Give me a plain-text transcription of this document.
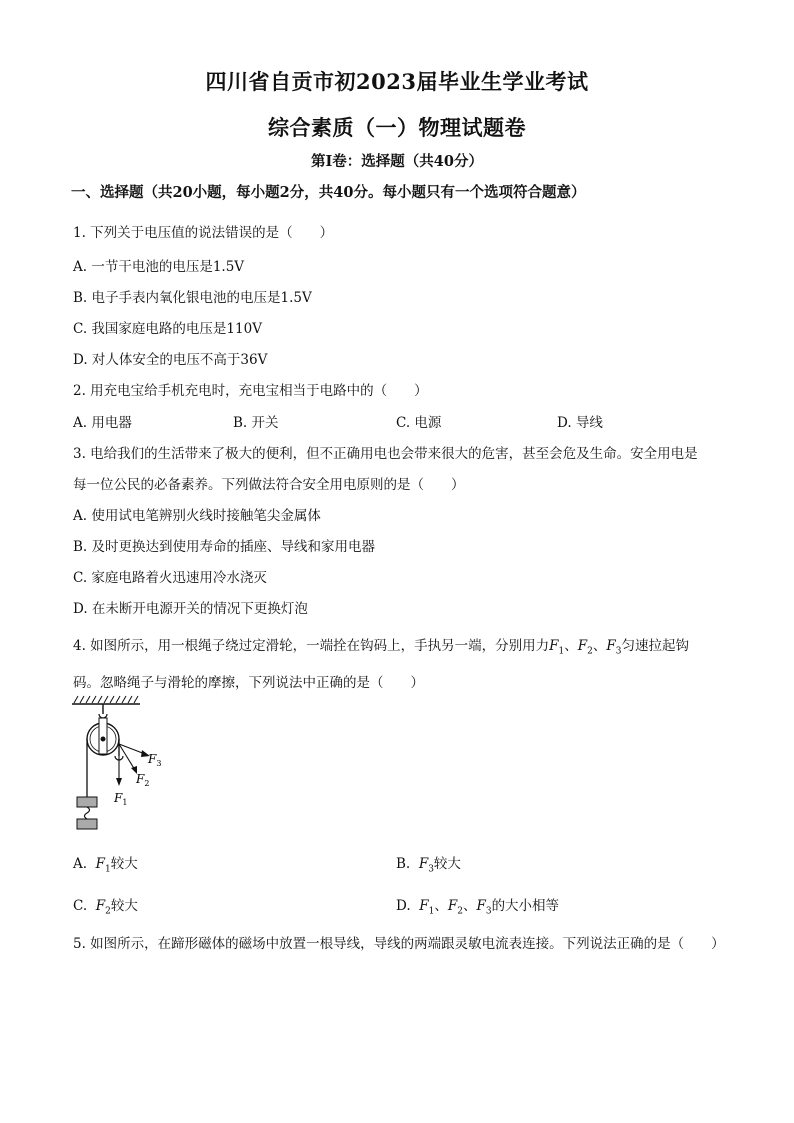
四川省自贡市初2023届毕业生学业考试
综合素质（一）物理试题卷
第I卷：选择题（共40分）
一、选择题（共20小题，每小题2分，共40分。每小题只有一个选项符合题意）
1. 下列关于电压值的说法错误的是（　　）
A. 一节干电池的电压是1.5V
B. 电子手表内氧化银电池的电压是1.5V
C. 我国家庭电路的电压是110V
D. 对人体安全的电压不高于36V
2. 用充电宝给手机充电时，充电宝相当于电路中的（　　）
A. 用电器	B. 开关	C. 电源	D. 导线
3. 电给我们的生活带来了极大的便利，但不正确用电也会带来很大的危害，甚至会危及生命。安全用电是
每一位公民的必备素养。下列做法符合安全用电原则的是（　　）
A. 使用试电笔辨别火线时接触笔尖金属体
B. 及时更换达到使用寿命的插座、导线和家用电器
C. 家庭电路着火迅速用冷水浇灭
D. 在未断开电源开关的情况下更换灯泡
4. 如图所示，用一根绳子绕过定滑轮，一端拴在钩码上，手执另一端，分别用力$F_1$、$F_2$、$F_3$匀速拉起钩
码。忽略绳子与滑轮的摩擦，下列说法中正确的是（　　）
$F_1$
$F_2$
$F_3$
A. $F_1$较大	B. $F_3$较大
C. $F_2$较大	D. $F_1$、$F_2$、$F_3$的大小相等
5. 如图所示，在蹄形磁体的磁场中放置一根导线，导线的两端跟灵敏电流表连接。下列说法正确的是（　　）
